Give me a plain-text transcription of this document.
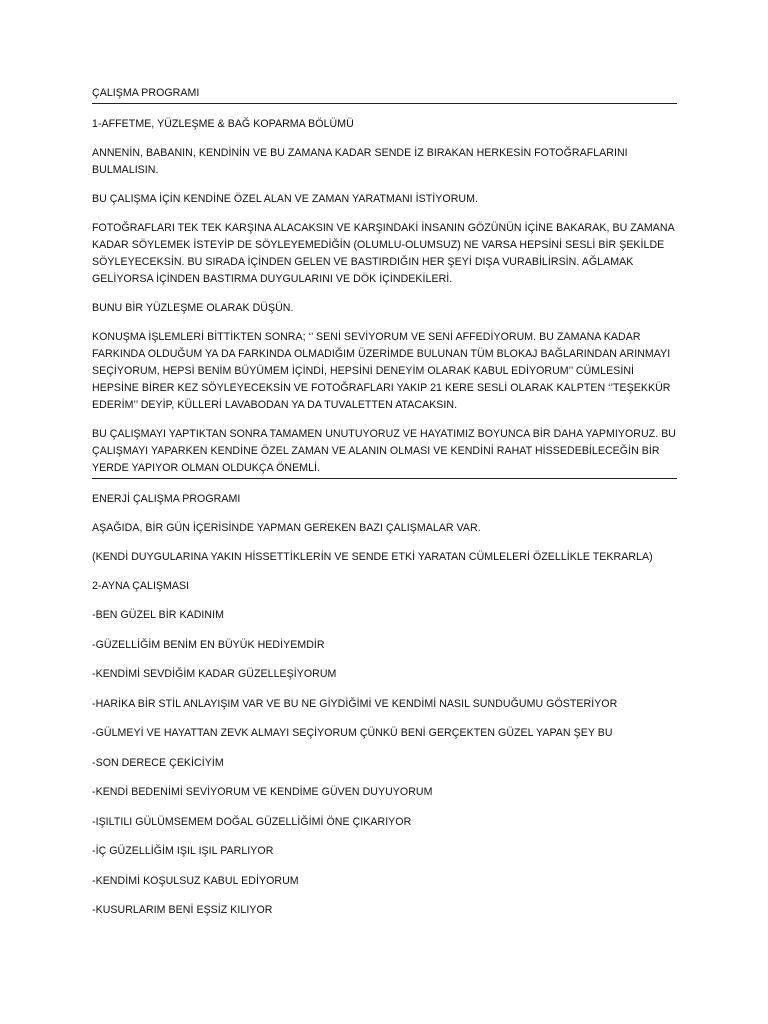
ÇALIŞMA PROGRAMI

1-AFFETME, YÜZLEŞME & BAĞ KOPARMA BÖLÜMÜ

ANNENİN, BABANIN, KENDİNİN VE BU ZAMANA KADAR SENDE İZ BIRAKAN HERKESİN FOTOĞRAFLARINI BULMALISIN.

BU ÇALIŞMA İÇİN KENDİNE ÖZEL ALAN VE ZAMAN YARATMANI İSTİYORUM.

FOTOĞRAFLARI TEK TEK KARŞINA ALACAKSIN VE KARŞINDAKİ İNSANIN GÖZÜNÜN İÇİNE BAKARAK, BU ZAMANA KADAR SÖYLEMEK İSTEYİP DE SÖYLEYEMEDİĞİN (OLUMLU-OLUMSUZ) NE VARSA HEPSİNİ SESLİ BİR ŞEKİLDE SÖYLEYECEKSİN. BU SIRADA İÇİNDEN GELEN VE BASTIRDIĞIN HER ŞEYİ DIŞA VURABİLİRSİN. AĞLAMAK GELİYORSA İÇİNDEN BASTIRMA DUYGULARINI VE DÖK İÇİNDEKİLERİ.

BUNU BİR YÜZLEŞME OLARAK DÜŞÜN.

KONUŞMA İŞLEMLERİ BİTTİKTEN SONRA; ‘’ SENİ SEVİYORUM VE SENİ AFFEDİYORUM. BU ZAMANA KADAR FARKINDA OLDUĞUM YA DA FARKINDA OLMADIĞIM ÜZERİMDE BULUNAN TÜM BLOKAJ BAĞLARINDAN ARINMAYI SEÇİYORUM, HEPSİ BENİM BÜYÜMEM İÇİNDİ, HEPSİNİ DENEYİM OLARAK KABUL EDİYORUM’’ CÜMLESİNİ HEPSİNE BİRER KEZ SÖYLEYECEKSİN VE FOTOĞRAFLARI YAKIP 21 KERE SESLİ OLARAK KALPTEN ‘’TEŞEKKÜR EDERİM’’ DEYİP, KÜLLERİ LAVABODAN YA DA TUVALETTEN ATACAKSIN.

BU ÇALIŞMAYI YAPTIKTAN SONRA TAMAMEN UNUTUYORUZ VE HAYATIMIZ BOYUNCA BİR DAHA YAPMIYORUZ. BU ÇALIŞMAYI YAPARKEN KENDİNE ÖZEL ZAMAN VE ALANIN OLMASI VE KENDİNİ RAHAT HİSSEDEBİLECEĞİN BİR YERDE YAPIYOR OLMAN OLDUKÇA ÖNEMLİ.

ENERJİ ÇALIŞMA PROGRAMI

AŞAĞIDA, BİR GÜN İÇERİSİNDE YAPMAN GEREKEN BAZI ÇALIŞMALAR VAR.

(KENDİ DUYGULARINA YAKIN HİSSETTİKLERİN VE SENDE ETKİ YARATAN CÜMLELERİ ÖZELLİKLE TEKRARLA)

2-AYNA ÇALIŞMASI

-BEN GÜZEL BİR KADINIM

-GÜZELLİĞİM BENİM EN BÜYÜK HEDİYEMDİR

-KENDİMİ SEVDİĞİM KADAR GÜZELLEŞİYORUM

-HARİKA BİR STİL ANLAYIŞIM VAR VE BU NE GİYDİĞİMİ VE KENDİMİ NASIL SUNDUĞUMU GÖSTERİYOR

-GÜLMEYİ VE HAYATTAN ZEVK ALMAYI SEÇİYORUM ÇÜNKÜ BENİ GERÇEKTEN GÜZEL YAPAN ŞEY BU

-SON DERECE ÇEKİCİYİM

-KENDİ BEDENİMİ SEVİYORUM VE KENDİME GÜVEN DUYUYORUM

-IŞILTILI GÜLÜMSEMEM DOĞAL GÜZELLİĞİMİ ÖNE ÇIKARIYOR

-İÇ GÜZELLİĞİM IŞIL IŞIL PARLIYOR

-KENDİMİ KOŞULSUZ KABUL EDİYORUM

-KUSURLARIM BENİ EŞSİZ KILIYOR
